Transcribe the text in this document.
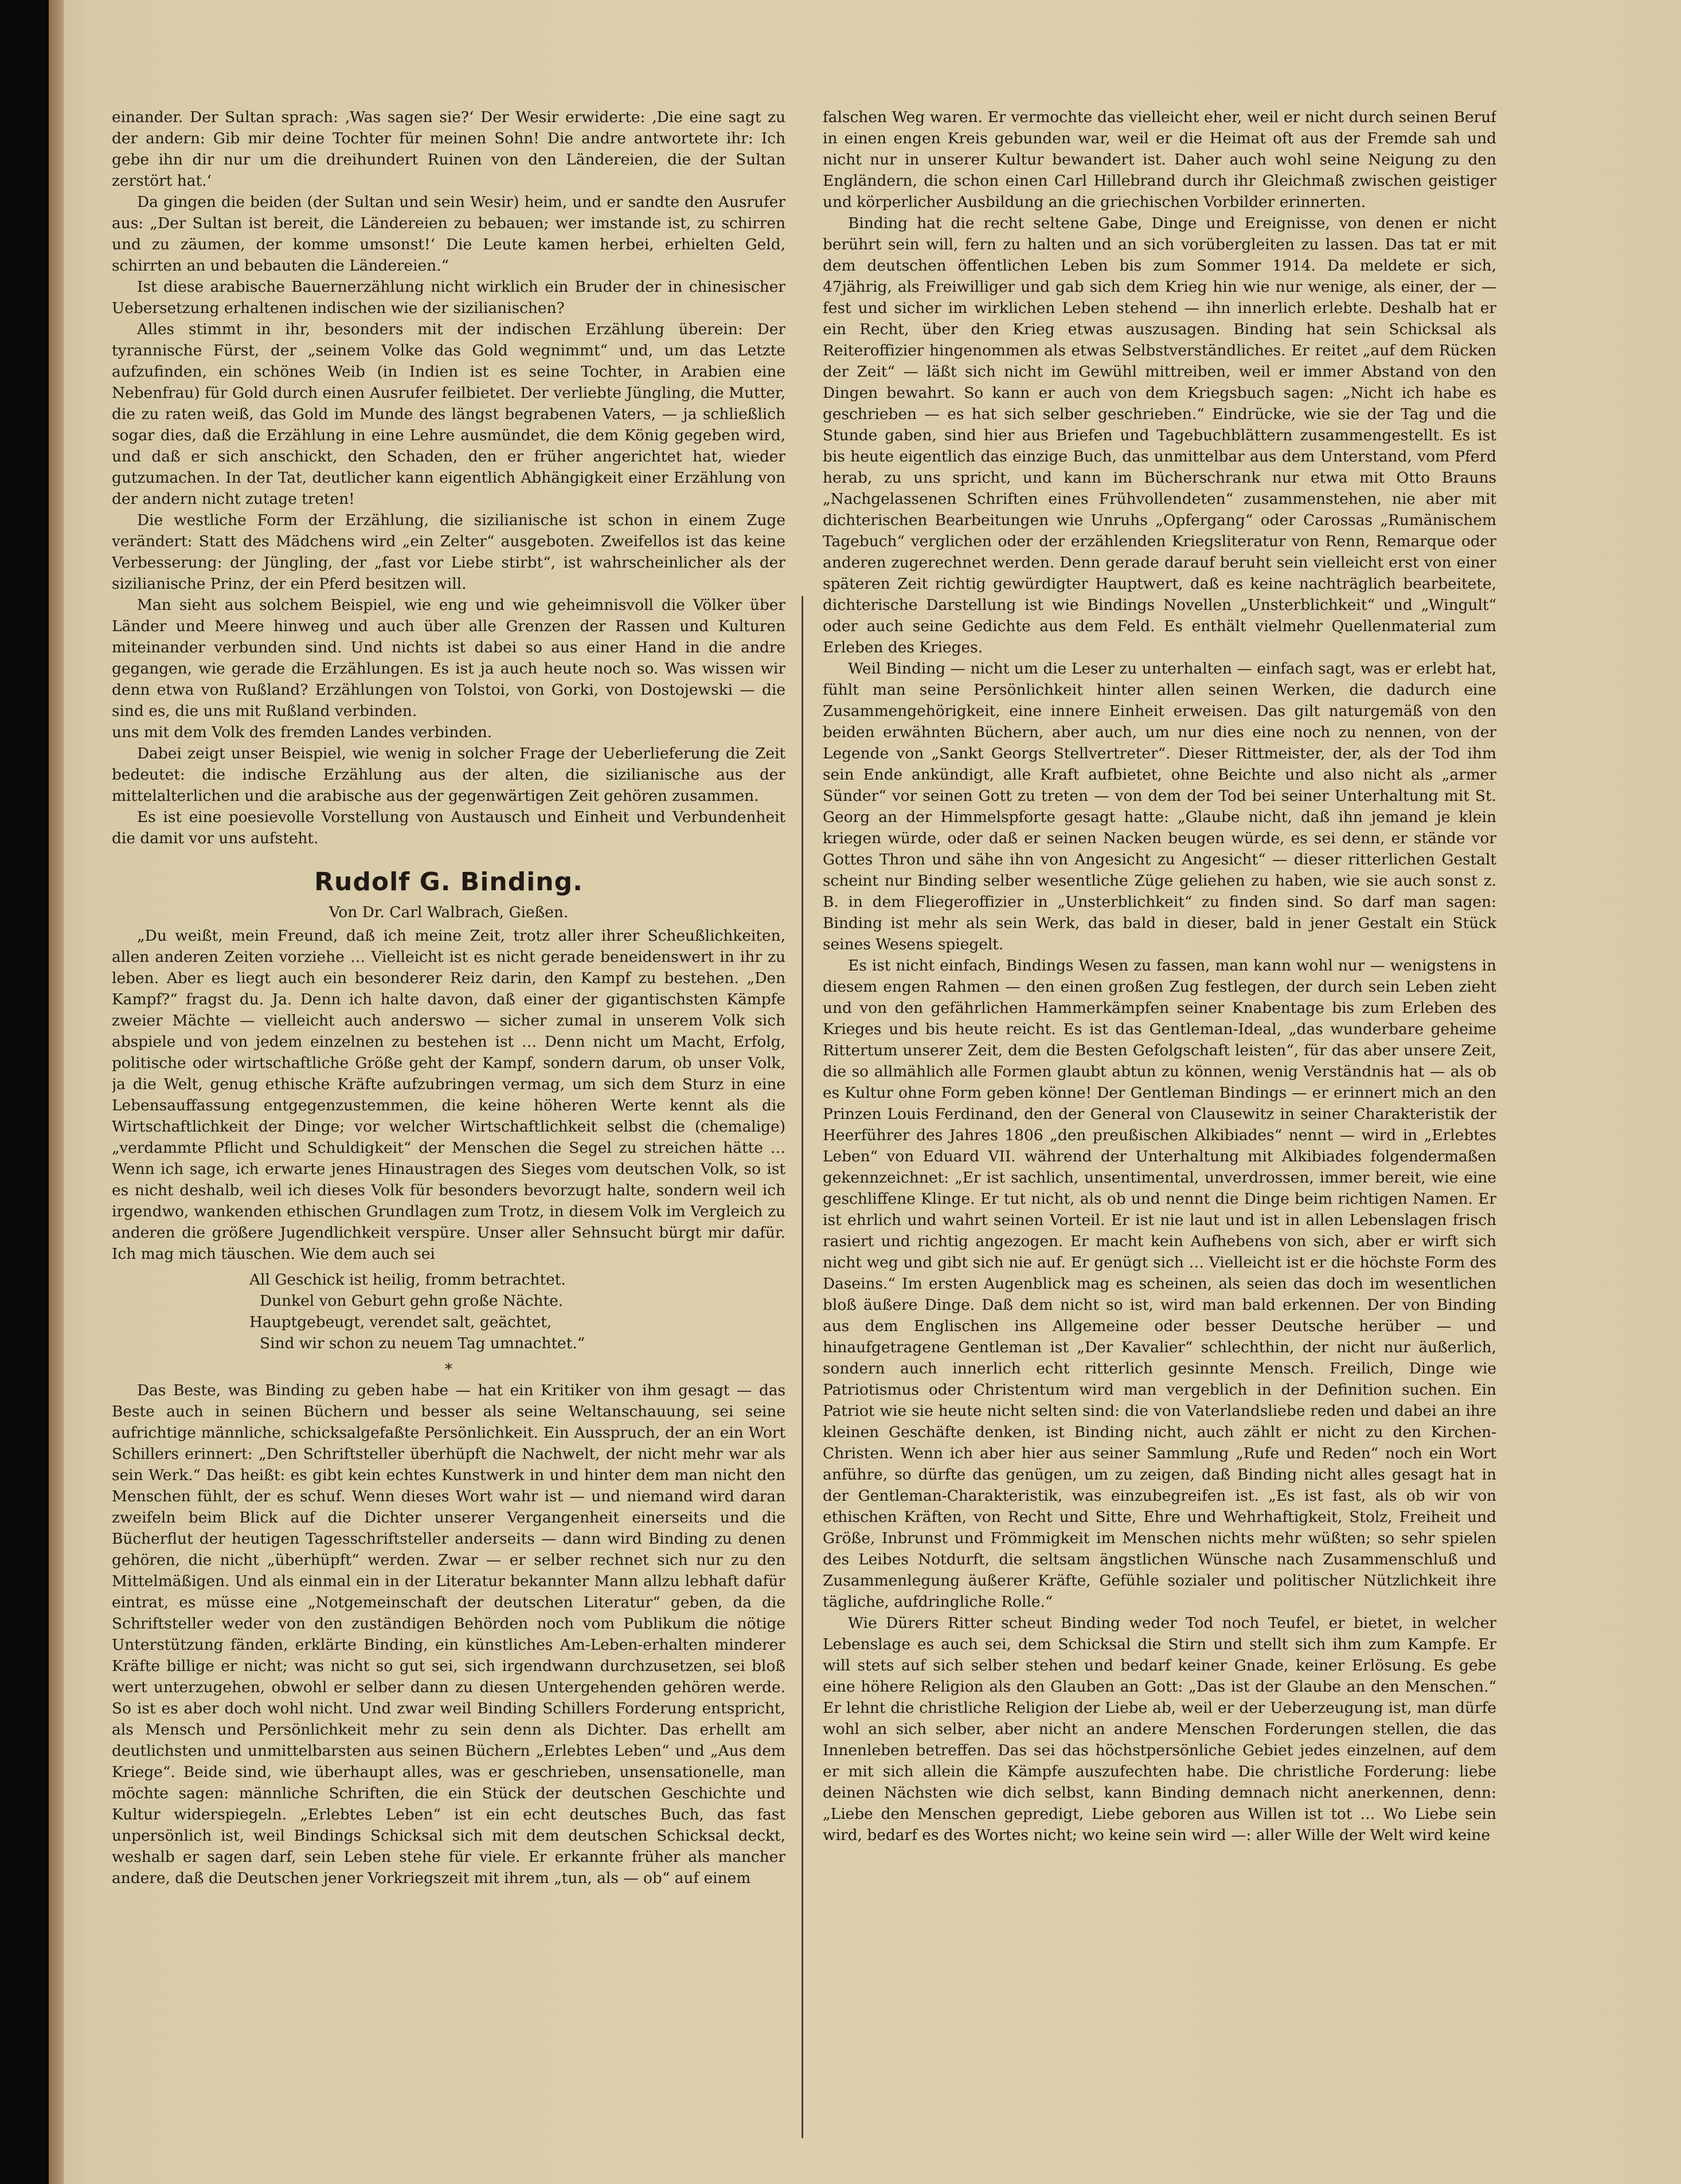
einander. Der Sultan sprach: ‚Was sagen sie?‘ Der Wesir erwiderte: ‚Die eine sagt zu der andern: Gib mir deine Tochter für meinen Sohn! Die andre antwortete ihr: Ich gebe ihn dir nur um die dreihundert Ruinen von den Ländereien, die der Sultan zerstört hat.‘

Da gingen die beiden (der Sultan und sein Wesir) heim, und er sandte den Ausrufer aus: „Der Sultan ist bereit, die Ländereien zu bebauen; wer imstande ist, zu schirren und zu zäumen, der komme umsonst!‘ Die Leute kamen herbei, erhielten Geld, schirrten an und bebauten die Ländereien.“

Ist diese arabische Bauernerzählung nicht wirklich ein Bruder der in chinesischer Uebersetzung erhaltenen indischen wie der sizilianischen?

Alles stimmt in ihr, besonders mit der indischen Erzählung überein: Der tyrannische Fürst, der „seinem Volke das Gold wegnimmt“ und, um das Letzte aufzufinden, ein schönes Weib (in Indien ist es seine Tochter, in Arabien eine Nebenfrau) für Gold durch einen Ausrufer feilbietet. Der verliebte Jüngling, die Mutter, die zu raten weiß, das Gold im Munde des längst begrabenen Vaters, — ja schließlich sogar dies, daß die Erzählung in eine Lehre ausmündet, die dem König gegeben wird, und daß er sich anschickt, den Schaden, den er früher angerichtet hat, wieder gutzumachen. In der Tat, deutlicher kann eigentlich Abhängigkeit einer Erzählung von der andern nicht zutage treten!

Die westliche Form der Erzählung, die sizilianische ist schon in einem Zuge verändert: Statt des Mädchens wird „ein Zelter“ ausgeboten. Zweifellos ist das keine Verbesserung: der Jüngling, der „fast vor Liebe stirbt“, ist wahrscheinlicher als der sizilianische Prinz, der ein Pferd besitzen will.

Man sieht aus solchem Beispiel, wie eng und wie geheimnisvoll die Völker über Länder und Meere hinweg und auch über alle Grenzen der Rassen und Kulturen miteinander verbunden sind. Und nichts ist dabei so aus einer Hand in die andre gegangen, wie gerade die Erzählungen. Es ist ja auch heute noch so. Was wissen wir denn etwa von Rußland? Erzählungen von Tolstoi, von Gorki, von Dostojewski — die sind es, die uns mit Rußland verbinden.

uns mit dem Volk des fremden Landes verbinden.

Dabei zeigt unser Beispiel, wie wenig in solcher Frage der Ueberlieferung die Zeit bedeutet: die indische Erzählung aus der alten, die sizilianische aus der mittelalterlichen und die arabische aus der gegenwärtigen Zeit gehören zusammen.

Es ist eine poesievolle Vorstellung von Austausch und Einheit und Verbundenheit die damit vor uns aufsteht.

Rudolf G. Binding.

Von Dr. Carl Walbrach, Gießen.

„Du weißt, mein Freund, daß ich meine Zeit, trotz aller ihrer Scheußlichkeiten, allen anderen Zeiten vorziehe … Vielleicht ist es nicht gerade beneidenswert in ihr zu leben. Aber es liegt auch ein besonderer Reiz darin, den Kampf zu bestehen. „Den Kampf?“ fragst du. Ja. Denn ich halte davon, daß einer der gigantischsten Kämpfe zweier Mächte — vielleicht auch anderswo — sicher zumal in unserem Volk sich abspiele und von jedem einzelnen zu bestehen ist … Denn nicht um Macht, Erfolg, politische oder wirtschaftliche Größe geht der Kampf, sondern darum, ob unser Volk, ja die Welt, genug ethische Kräfte aufzubringen vermag, um sich dem Sturz in eine Lebensauffassung entgegenzustemmen, die keine höheren Werte kennt als die Wirtschaftlichkeit der Dinge; vor welcher Wirtschaftlichkeit selbst die (chemalige) „verdammte Pflicht und Schuldigkeit“ der Menschen die Segel zu streichen hätte … Wenn ich sage, ich erwarte jenes Hinaustragen des Sieges vom deutschen Volk, so ist es nicht deshalb, weil ich dieses Volk für besonders bevorzugt halte, sondern weil ich irgendwo, wankenden ethischen Grundlagen zum Trotz, in diesem Volk im Vergleich zu anderen die größere Jugendlichkeit verspüre. Unser aller Sehnsucht bürgt mir dafür. Ich mag mich täuschen. Wie dem auch sei

All Geschick ist heilig, fromm betrachtet.
Dunkel von Geburt gehn große Nächte.
Hauptgebeugt, verendet salt, geächtet,
Sind wir schon zu neuem Tag umnachtet.“

*

Das Beste, was Binding zu geben habe — hat ein Kritiker von ihm gesagt — das Beste auch in seinen Büchern und besser als seine Weltanschauung, sei seine aufrichtige männliche, schicksalgefaßte Persönlichkeit. Ein Ausspruch, der an ein Wort Schillers erinnert: „Den Schriftsteller überhüpft die Nachwelt, der nicht mehr war als sein Werk.“ Das heißt: es gibt kein echtes Kunstwerk in und hinter dem man nicht den Menschen fühlt, der es schuf. Wenn dieses Wort wahr ist — und niemand wird daran zweifeln beim Blick auf die Dichter unserer Vergangenheit einerseits und die Bücherflut der heutigen Tagesschriftsteller anderseits — dann wird Binding zu denen gehören, die nicht „überhüpft“ werden. Zwar — er selber rechnet sich nur zu den Mittelmäßigen. Und als einmal ein in der Literatur bekannter Mann allzu lebhaft dafür eintrat, es müsse eine „Notgemeinschaft der deutschen Literatur“ geben, da die Schriftsteller weder von den zuständigen Behörden noch vom Publikum die nötige Unterstützung fänden, erklärte Binding, ein künstliches Am-Leben-erhalten minderer Kräfte billige er nicht; was nicht so gut sei, sich irgendwann durchzusetzen, sei bloß wert unterzugehen, obwohl er selber dann zu diesen Untergehenden gehören werde. So ist es aber doch wohl nicht. Und zwar weil Binding Schillers Forderung entspricht, als Mensch und Persönlichkeit mehr zu sein denn als Dichter. Das erhellt am deutlichsten und unmittelbarsten aus seinen Büchern „Erlebtes Leben“ und „Aus dem Kriege“. Beide sind, wie überhaupt alles, was er geschrieben, unsensationelle, man möchte sagen: männliche Schriften, die ein Stück der deutschen Geschichte und Kultur widerspiegeln. „Erlebtes Leben“ ist ein echt deutsches Buch, das fast unpersönlich ist, weil Bindings Schicksal sich mit dem deutschen Schicksal deckt, weshalb er sagen darf, sein Leben stehe für viele. Er erkannte früher als mancher andere, daß die Deutschen jener Vorkriegszeit mit ihrem „tun, als — ob“ auf einem

falschen Weg waren. Er vermochte das vielleicht eher, weil er nicht durch seinen Beruf in einen engen Kreis gebunden war, weil er die Heimat oft aus der Fremde sah und nicht nur in unserer Kultur bewandert ist. Daher auch wohl seine Neigung zu den Engländern, die schon einen Carl Hillebrand durch ihr Gleichmaß zwischen geistiger und körperlicher Ausbildung an die griechischen Vorbilder erinnerten.

Binding hat die recht seltene Gabe, Dinge und Ereignisse, von denen er nicht berührt sein will, fern zu halten und an sich vorübergleiten zu lassen. Das tat er mit dem deutschen öffentlichen Leben bis zum Sommer 1914. Da meldete er sich, 47jährig, als Freiwilliger und gab sich dem Krieg hin wie nur wenige, als einer, der — fest und sicher im wirklichen Leben stehend — ihn innerlich erlebte. Deshalb hat er ein Recht, über den Krieg etwas auszusagen. Binding hat sein Schicksal als Reiteroffizier hingenommen als etwas Selbstverständliches. Er reitet „auf dem Rücken der Zeit“ — läßt sich nicht im Gewühl mittreiben, weil er immer Abstand von den Dingen bewahrt. So kann er auch von dem Kriegsbuch sagen: „Nicht ich habe es geschrieben — es hat sich selber geschrieben.“ Eindrücke, wie sie der Tag und die Stunde gaben, sind hier aus Briefen und Tagebuchblättern zusammengestellt. Es ist bis heute eigentlich das einzige Buch, das unmittelbar aus dem Unterstand, vom Pferd herab, zu uns spricht, und kann im Bücherschrank nur etwa mit Otto Brauns „Nachgelassenen Schriften eines Frühvollendeten“ zusammenstehen, nie aber mit dichterischen Bearbeitungen wie Unruhs „Opfergang“ oder Carossas „Rumänischem Tagebuch“ verglichen oder der erzählenden Kriegsliteratur von Renn, Remarque oder anderen zugerechnet werden. Denn gerade darauf beruht sein vielleicht erst von einer späteren Zeit richtig gewürdigter Hauptwert, daß es keine nachträglich bearbeitete, dichterische Darstellung ist wie Bindings Novellen „Unsterblichkeit“ und „Wingult“ oder auch seine Gedichte aus dem Feld. Es enthält vielmehr Quellenmaterial zum Erleben des Krieges.

Weil Binding — nicht um die Leser zu unterhalten — einfach sagt, was er erlebt hat, fühlt man seine Persönlichkeit hinter allen seinen Werken, die dadurch eine Zusammengehörigkeit, eine innere Einheit erweisen. Das gilt naturgemäß von den beiden erwähnten Büchern, aber auch, um nur dies eine noch zu nennen, von der Legende von „Sankt Georgs Stellvertreter“. Dieser Rittmeister, der, als der Tod ihm sein Ende ankündigt, alle Kraft aufbietet, ohne Beichte und also nicht als „armer Sünder“ vor seinen Gott zu treten — von dem der Tod bei seiner Unterhaltung mit St. Georg an der Himmelspforte gesagt hatte: „Glaube nicht, daß ihn jemand je klein kriegen würde, oder daß er seinen Nacken beugen würde, es sei denn, er stände vor Gottes Thron und sähe ihn von Angesicht zu Angesicht“ — dieser ritterlichen Gestalt scheint nur Binding selber wesentliche Züge geliehen zu haben, wie sie auch sonst z. B. in dem Fliegeroffizier in „Unsterblichkeit“ zu finden sind. So darf man sagen: Binding ist mehr als sein Werk, das bald in dieser, bald in jener Gestalt ein Stück seines Wesens spiegelt.

Es ist nicht einfach, Bindings Wesen zu fassen, man kann wohl nur — wenigstens in diesem engen Rahmen — den einen großen Zug festlegen, der durch sein Leben zieht und von den gefährlichen Hammerkämpfen seiner Knabentage bis zum Erleben des Krieges und bis heute reicht. Es ist das Gentleman-Ideal, „das wunderbare geheime Rittertum unserer Zeit, dem die Besten Gefolgschaft leisten“, für das aber unsere Zeit, die so allmählich alle Formen glaubt abtun zu können, wenig Verständnis hat — als ob es Kultur ohne Form geben könne! Der Gentleman Bindings — er erinnert mich an den Prinzen Louis Ferdinand, den der General von Clausewitz in seiner Charakteristik der Heerführer des Jahres 1806 „den preußischen Alkibiades“ nennt — wird in „Erlebtes Leben“ von Eduard VII. während der Unterhaltung mit Alkibiades folgendermaßen gekennzeichnet: „Er ist sachlich, unsentimental, unverdrossen, immer bereit, wie eine geschliffene Klinge. Er tut nicht, als ob und nennt die Dinge beim richtigen Namen. Er ist ehrlich und wahrt seinen Vorteil. Er ist nie laut und ist in allen Lebenslagen frisch rasiert und richtig angezogen. Er macht kein Aufhebens von sich, aber er wirft sich nicht weg und gibt sich nie auf. Er genügt sich … Vielleicht ist er die höchste Form des Daseins.“ Im ersten Augenblick mag es scheinen, als seien das doch im wesentlichen bloß äußere Dinge. Daß dem nicht so ist, wird man bald erkennen. Der von Binding aus dem Englischen ins Allgemeine oder besser Deutsche herüber — und hinaufgetragene Gentleman ist „Der Kavalier“ schlechthin, der nicht nur äußerlich, sondern auch innerlich echt ritterlich gesinnte Mensch. Freilich, Dinge wie Patriotismus oder Christentum wird man vergeblich in der Definition suchen. Ein Patriot wie sie heute nicht selten sind: die von Vaterlandsliebe reden und dabei an ihre kleinen Geschäfte denken, ist Binding nicht, auch zählt er nicht zu den Kirchen-Christen. Wenn ich aber hier aus seiner Sammlung „Rufe und Reden“ noch ein Wort anführe, so dürfte das genügen, um zu zeigen, daß Binding nicht alles gesagt hat in der Gentleman-Charakteristik, was einzubegreifen ist. „Es ist fast, als ob wir von ethischen Kräften, von Recht und Sitte, Ehre und Wehrhaftigkeit, Stolz, Freiheit und Größe, Inbrunst und Frömmigkeit im Menschen nichts mehr wüßten; so sehr spielen des Leibes Notdurft, die seltsam ängstlichen Wünsche nach Zusammenschluß und Zusammenlegung äußerer Kräfte, Gefühle sozialer und politischer Nützlichkeit ihre tägliche, aufdringliche Rolle.“

Wie Dürers Ritter scheut Binding weder Tod noch Teufel, er bietet, in welcher Lebenslage es auch sei, dem Schicksal die Stirn und stellt sich ihm zum Kampfe. Er will stets auf sich selber stehen und bedarf keiner Gnade, keiner Erlösung. Es gebe eine höhere Religion als den Glauben an Gott: „Das ist der Glaube an den Menschen.“ Er lehnt die christliche Religion der Liebe ab, weil er der Ueberzeugung ist, man dürfe wohl an sich selber, aber nicht an andere Menschen Forderungen stellen, die das Innenleben betreffen. Das sei das höchstpersönliche Gebiet jedes einzelnen, auf dem er mit sich allein die Kämpfe auszufechten habe. Die christliche Forderung: liebe deinen Nächsten wie dich selbst, kann Binding demnach nicht anerkennen, denn: „Liebe den Menschen gepredigt, Liebe geboren aus Willen ist tot … Wo Liebe sein wird, bedarf es des Wortes nicht; wo keine sein wird —: aller Wille der Welt wird keine
